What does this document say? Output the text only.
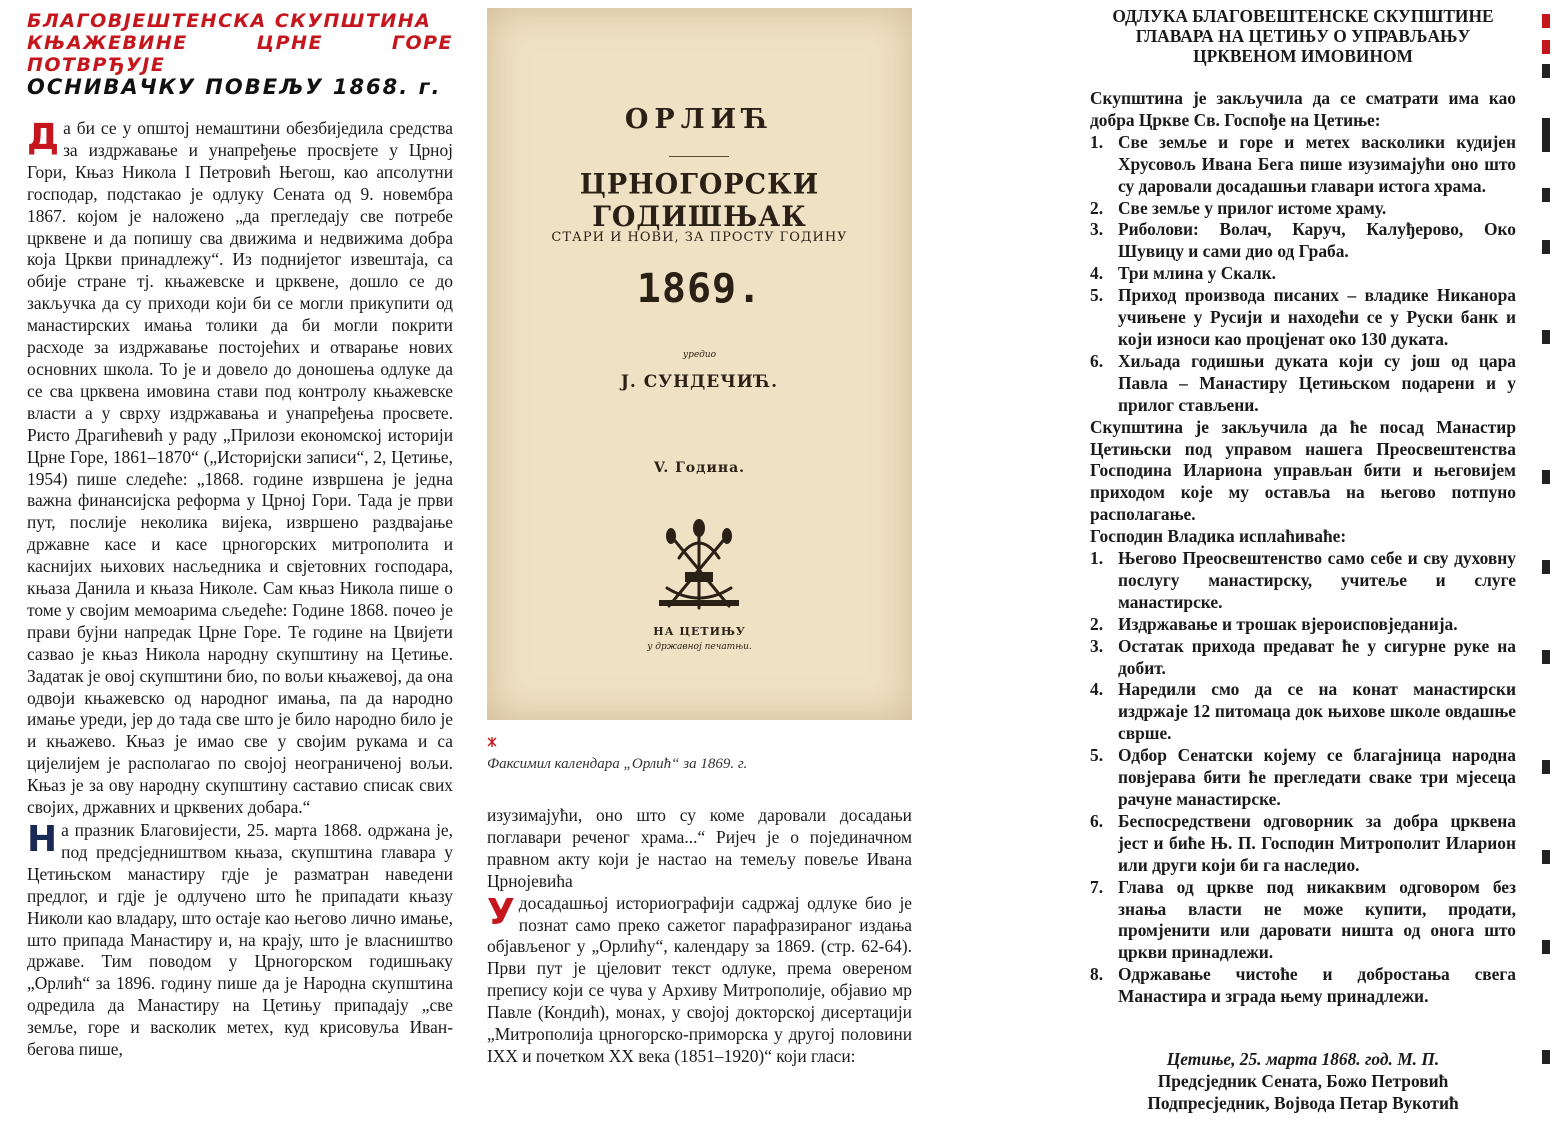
БЛАГОВЈЕШТЕНСКА СКУПШТИНА
КЊАЖЕВИНЕ ЦРНЕ ГОРЕ ПОТВРЂУЈЕ
ОСНИВАЧКУ ПОВЕЉУ 1868. г.

Да би се у општој немаштини обезбиједила средства за издржавање и унапређење просвјете у Црној Гори, Књаз Никола I Петровић Његош, као апсолутни господар, подстакао је одлуку Сената од 9. новембра 1867. којом је наложено „да прегледају све потребе црквене и да попишу сва движима и недвижима добра која Цркви принадлежу“. Из поднијетог извештаја, са обије стране тј. књажевске и црквене, дошло се до закључка да су приходи који би се могли прикупити од манастирских имања толики да би могли покрити расходе за издржавање постојећих и отварање нових основних школа. То је и довело до доношења одлуке да се сва црквена имовина стави под контролу књажевске власти а у сврху издржавања и унапређења просвете. Ристо Драгићевић у раду „Прилози економској историји Црне Горе, 1861–1870“ („Историјски записи“, 2, Цетиње, 1954) пише следеће: „1868. године извршена је једна важна финансијска реформа у Црној Гори. Тада је први пут, послије неколика вијека, извршено раздвајање државне касе и касе црногорских митрополита и каснијих њихових насљедника и свјетовних господара, књаза Данила и књаза Николе. Сам књаз Никола пише о томе у својим мемоарима сљедеће: Године 1868. почео је прави бујни напредак Црне Горе. Те године на Цвијети сазвао је књаз Никола народну скупштину на Цетиње. Задатак је овој скупштини био, по вољи књажевој, да она одвоји књажевско од народног имања, па да народно имање уреди, јер до тада све што је било народно било је и књажево. Књаз је имао све у својим рукама и са цијелијем је располагао по својој неограниченој вољи. Књаз је за ову народну скупштину саставио списак свих својих, државних и црквених добара.“

На празник Благовијести, 25. марта 1868. одржана је, под предсједништвом књаза, скупштина главара у Цетињском манастиру гдје је разматран наведени предлог, и гдје је одлучено што ће припадати књазу Николи као владару, што остаје као његово лично имање, што припада Манастиру и, на крају, што је власништво државе. Тим поводом у Црногорском годишњаку „Орлић“ за 1896. годину пише да је Народна скупштина одредила да Манастиру на Цетињу припадају „све земље, горе и васколик метех, куд крисовуља Иван-бегова пише,

ОРЛИЋ
ЦРНОГОРСКИ ГОДИШЊАК
СТАРИ И НОВИ, ЗА ПРОСТУ ГОДИНУ
1869.
уредио
Ј. СУНДЕЧИЋ.
V. Година.
НА ЦЕТИЊУ
у државној печатњи.
Факсимил календара „Орлић“ за 1869. г.

изузимајући, оно што су коме даровали досадањи поглавари реченог храма...“ Ријеч је о појединачном правном акту који је настао на темељу повеље Ивана Црнојевића

У досадашњој историографији садржај одлуке био је познат само преко сажетог парафразираног издања објављеног у „Орлићу“, календару за 1869. (стр. 62-64). Први пут је цјеловит текст одлуке, према овереном препису који се чува у Архиву Митрополије, објавио мр Павле (Кондић), монах, у својој докторској дисертацији „Митрополија црногорско-приморска у другој половини IXX и почетком XX века (1851–1920)“ који гласи:

ОДЛУКА БЛАГОВЕШТЕНСКЕ СКУПШТИНЕ
ГЛАВАРА НА ЦЕТИЊУ О УПРАВЉАЊУ
ЦРКВЕНОМ ИМОВИНОМ

Скупштина је закључила да се сматрати има као добра Цркве Св. Госпође на Цетиње:

1. Све земље и горе и метех васколики кудијен Хрусовољ Ивана Бега пише изузимајући оно што су даровали досадашњи главари истога храма.
2. Све земље у прилог истоме храму.
3. Риболови: Волач, Каруч, Калуђерово, Око Шувицу и сами дио од Граба.
4. Три млина у Скалк.
5. Приход производа писаних – владике Никанора учињене у Русији и находећи се у Руски банк и који износи као процјенат око 130 дуката.
6. Хиљада годишњи дуката који су још од цара Павла – Манастиру Цетињском подарени и у прилог стављени.

Скупштина је закључила да ће посад Манастир Цетињски под управом нашега Преосвештенства Господина Илариона управљан бити и његовијем приходом које му оставља на његово потпуно располагање.

Господин Владика исплаћиваће:

1. Његово Преосвештенство само себе и сву духовну послугу манастирску, учитеље и слуге манастирске.
2. Издржавање и трошак вјероисповједанија.
3. Остатак прихода предават ће у сигурне руке на добит.
4. Наредили смо да се на конат манастирски издржаје 12 питомаца док њихове школе овдашње сврше.
5. Одбор Сенатски којему се благајница народна повјерава бити ће прегледати сваке три мјесеца рачуне манастирске.
6. Беспосредствени одговорник за добра црквена јест и биће Њ. П. Господин Митрополит Иларион или други који би га наследио.
7. Глава од цркве под никаквим одговором без знања власти не може купити, продати, промјенити или даровати ништа од онога што цркви принадлежи.
8. Одржавање чистоће и добростања свега Манастира и зграда њему принадлежи.
Цетиње, 25. марта 1868. год. М. П.
Предсједник Сената, Божо Петровић
Подпресједник, Војвода Петар Вукотић
